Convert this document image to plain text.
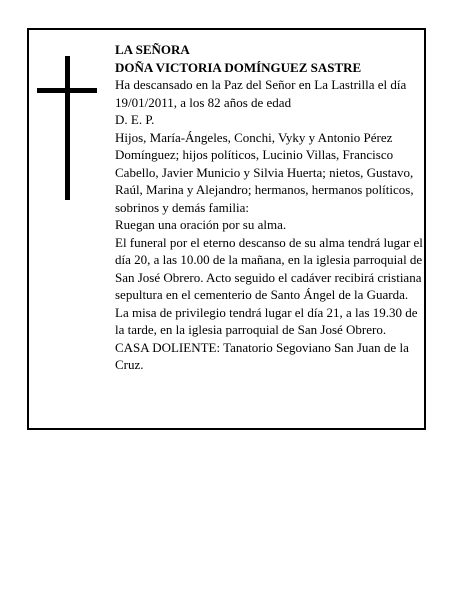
LA SEÑORA

DOÑA VICTORIA DOMÍNGUEZ SASTRE

Ha descansado en la Paz del Señor en La Lastrilla el día 19/01/2011, a los 82 años de edad

D. E. P.

Hijos, María-Ángeles, Conchi, Vyky y Antonio Pérez Domínguez; hijos políticos, Lucinio Villas, Francisco Cabello, Javier Municio y Silvia Huerta; nietos, Gustavo, Raúl, Marina y Alejandro; hermanos, hermanos políticos, sobrinos y demás familia:

Ruegan una oración por su alma.

El funeral por el eterno descanso de su alma tendrá lugar el día 20, a las 10.00 de la mañana, en la iglesia parroquial de San José Obrero. Acto seguido el cadáver recibirá cristiana sepultura en el cementerio de Santo Ángel de la Guarda.

La misa de privilegio tendrá lugar el día 21, a las 19.30 de la tarde, en la iglesia parroquial de San José Obrero.

CASA DOLIENTE: Tanatorio Segoviano San Juan de la Cruz.
